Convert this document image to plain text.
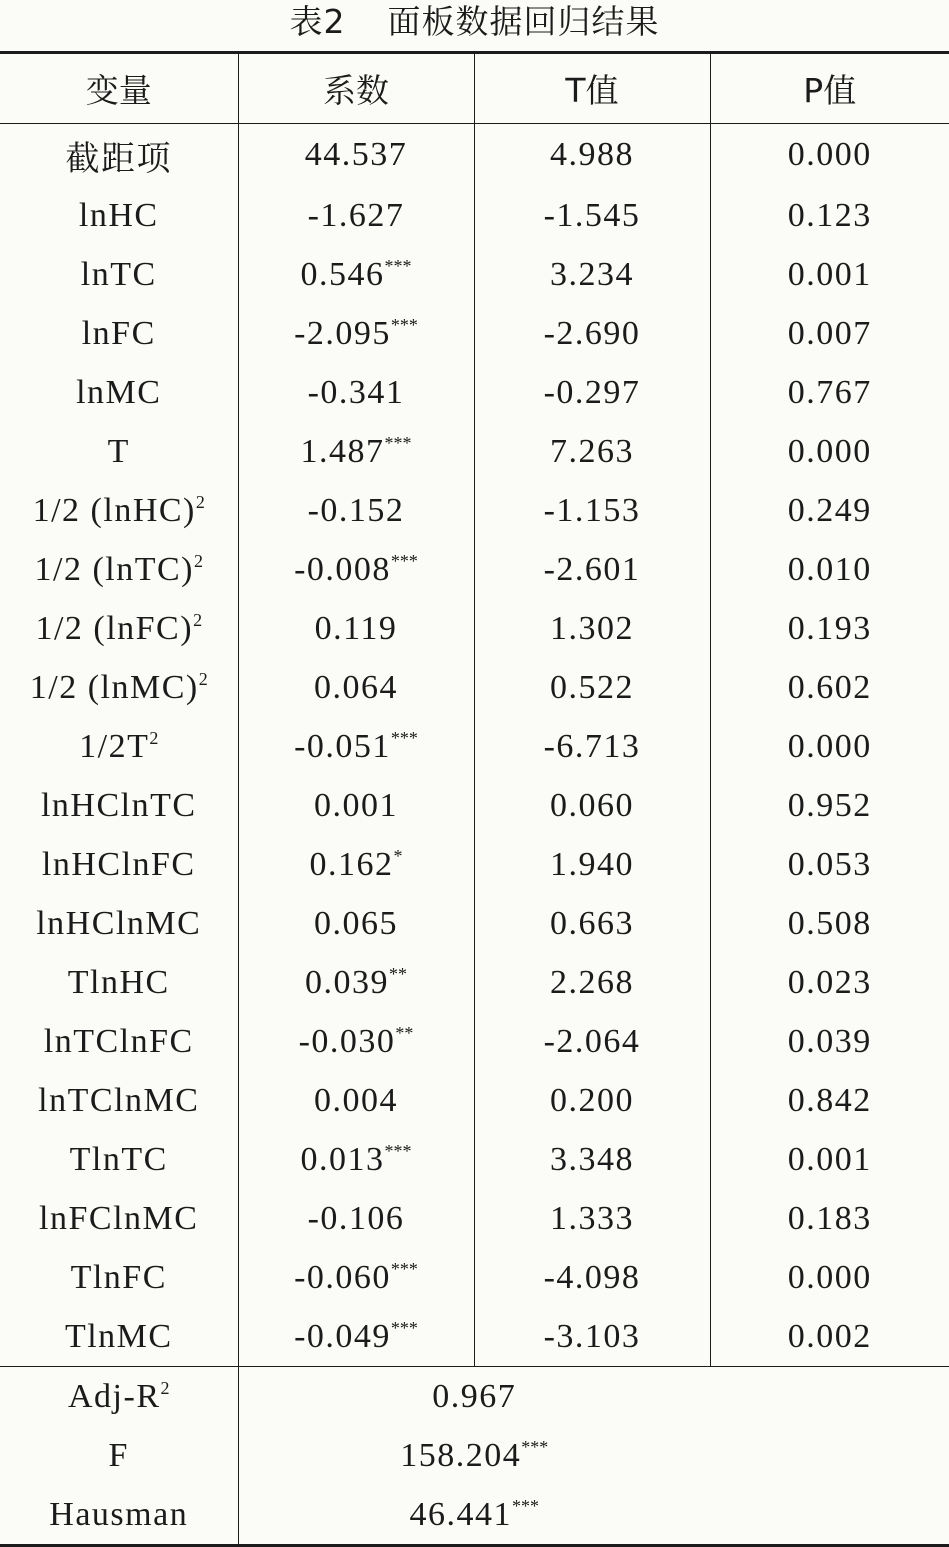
表2 面板数据回归结果
变量	系数	T值	P值
截距项	44.537	4.988	0.000
lnHC	-1.627	-1.545	0.123
lnTC	0.546***	3.234	0.001
lnFC	-2.095***	-2.690	0.007
lnMC	-0.341	-0.297	0.767
T	1.487***	7.263	0.000
1/2 (lnHC)$^2$	-0.152	-1.153	0.249
1/2 (lnTC)$^2$	-0.008***	-2.601	0.010
1/2 (lnFC)$^2$	0.119	1.302	0.193
1/2 (lnMC)$^2$	0.064	0.522	0.602
$1/2T^2$	-0.051***	-6.713	0.000
lnHClnTC	0.001	0.060	0.952
lnHClnFC	0.162*	1.940	0.053
lnHClnMC	0.065	0.663	0.508
TlnHC	0.039**	2.268	0.023
lnTClnFC	-0.030**	-2.064	0.039
lnTClnMC	0.004	0.200	0.842
TlnTC	0.013***	3.348	0.001
lnFClnMC	-0.106	1.333	0.183
TlnFC	-0.060***	-4.098	0.000
TlnMC	-0.049***	-3.103	0.002
Adj-$R^2$	0.967		
F	158.204***	
Hausman	46.441***	
